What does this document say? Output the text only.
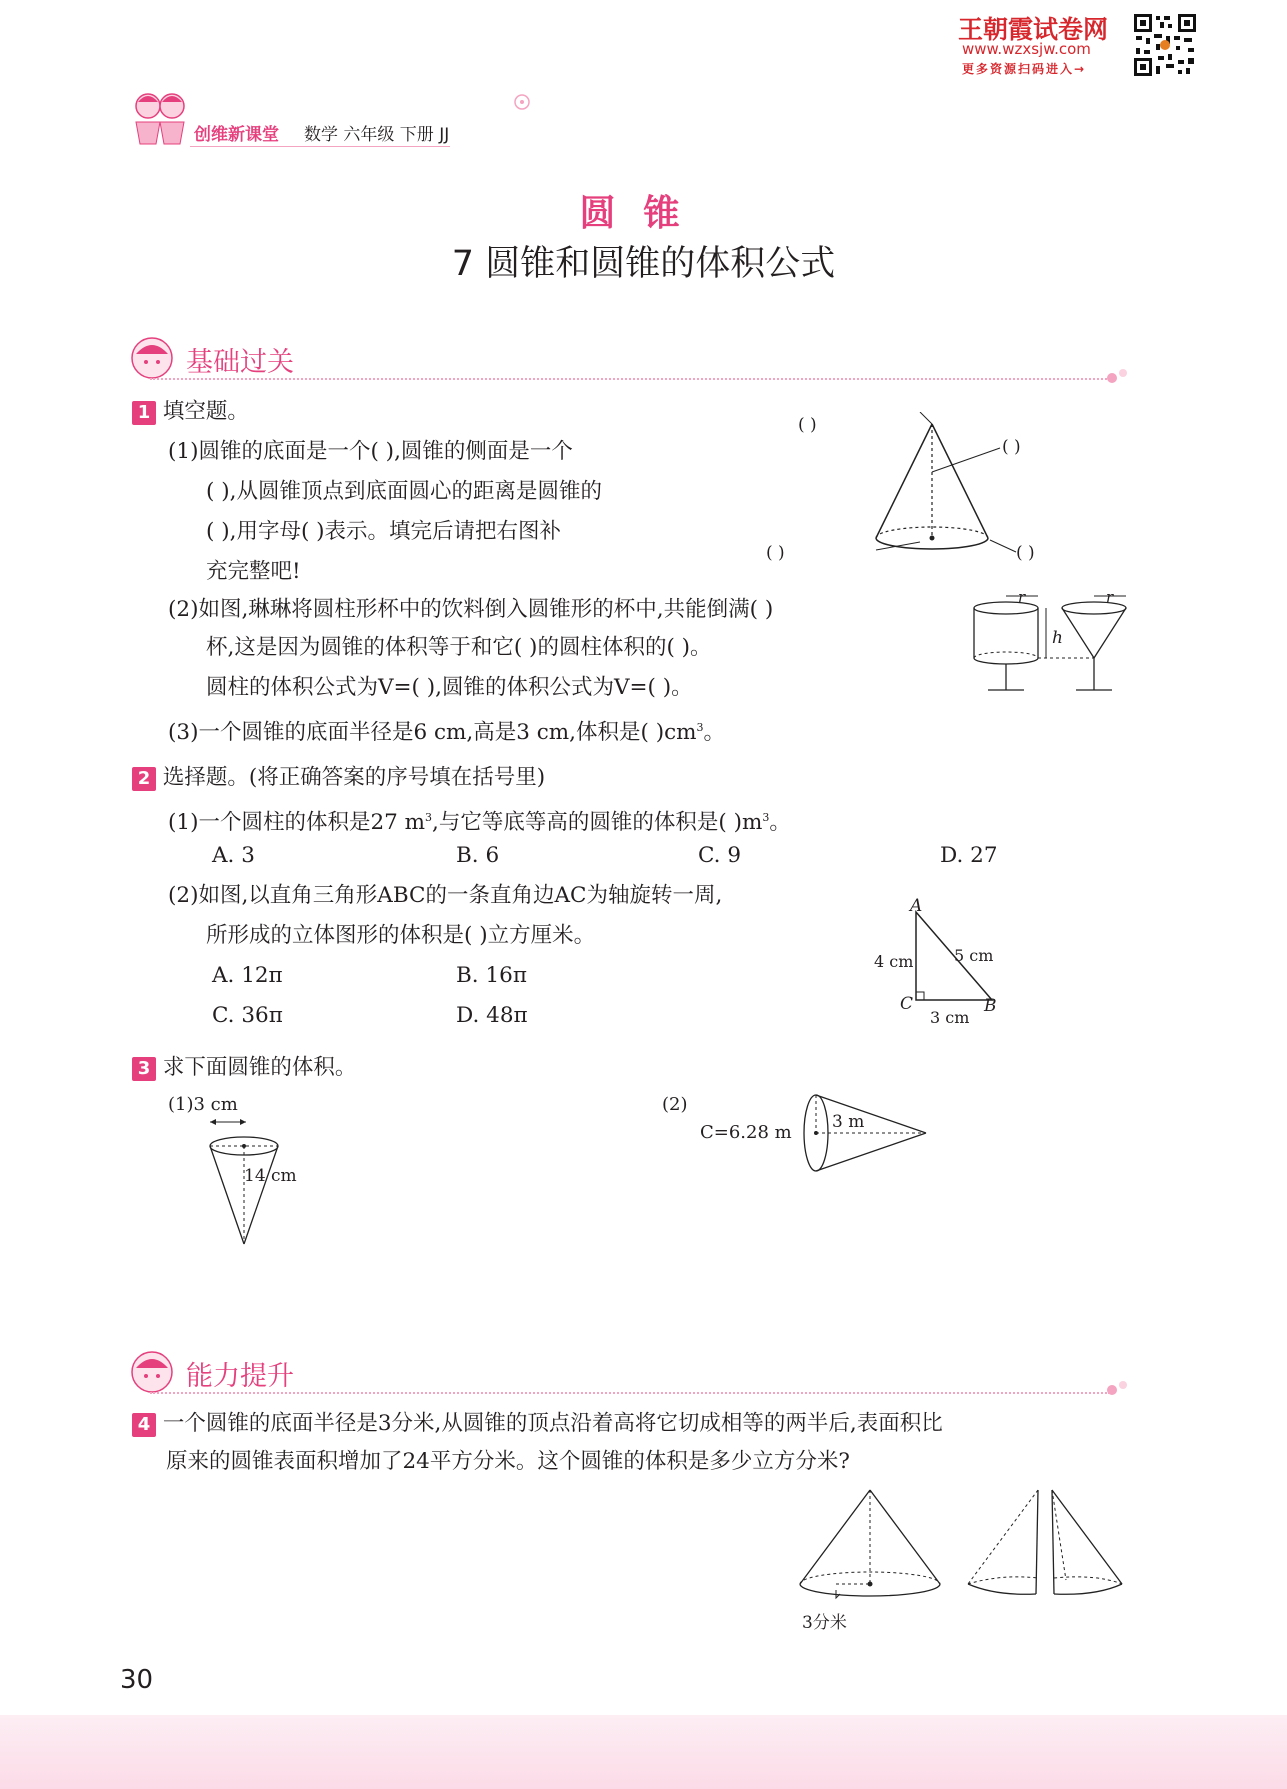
王朝霞试卷网
www.wzxsjw.com
更多资源扫码进入→
创维新课堂 数学 六年级 下册 JJ
圆锥
7 圆锥和圆锥的体积公式
基础过关
1 填空题。
(1)圆锥的底面是一个( ),圆锥的侧面是一个
( ),从圆锥顶点到底面圆心的距离是圆锥的
( ),用字母( )表示。填完后请把右图补
充完整吧!
( )
( )
( )	( )
(2)如图,琳琳将圆柱形杯中的饮料倒入圆锥形的杯中,共能倒满( )
杯,这是因为圆锥的体积等于和它( )的圆柱体积的( )。
圆柱的体积公式为V=( ),圆锥的体积公式为V=( )。
r	r
h
(3)一个圆锥的底面半径是6 cm,高是3 cm,体积是( )$cm^3$。
2 选择题。(将正确答案的序号填在括号里)
(1)一个圆柱的体积是27 $m^3$,与它等底等高的圆锥的体积是( )$m^3$。
A. 3	B. 6	C. 9	D. 27
(2)如图,以直角三角形ABC的一条直角边AC为轴旋转一周,
所形成的立体图形的体积是( )立方厘米。
A. 12π	B. 16π
C. 36π	D. 48π
A
B
C
4 cm	5 cm
3 cm
3 求下面圆锥的体积。
(1)3 cm
14 cm
(2)
C=6.28 m 3 m
能力提升
4 一个圆锥的底面半径是3分米,从圆锥的顶点沿着高将它切成相等的两半后,表面积比
原来的圆锥表面积增加了24平方分米。这个圆锥的体积是多少立方分米?
3分米
30
